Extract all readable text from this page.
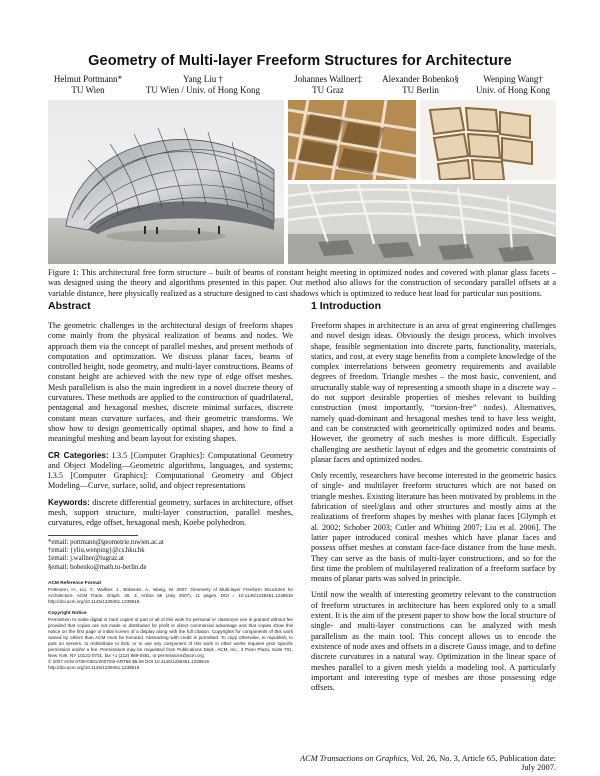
Geometry of Multi-layer Freeform Structures for Architecture
Helmut Pottmann*
TU Wien
Yang Liu †
TU Wien / Univ. of Hong Kong
Johannes Wallner‡
TU Graz
Alexander Bobenko§
TU Berlin
Wenping Wang†
Univ. of Hong Kong
Figure 1: This architectural free form structure – built of beams of constant height meeting in optimized nodes and covered with planar glass facets – was designed using the theory and algorithms presented in this paper. Our method also allows for the construction of secondary parallel offsets at a variable distance, here physically realized as a structure designed to cast shadows which is optimized to reduce heat load for particular sun positions.
Abstract

The geometric challenges in the architectural design of freeform shapes come mainly from the physical realization of beams and nodes. We approach them via the concept of parallel meshes, and present methods of computation and optimization. We discuss planar faces, beams of controlled height, node geometry, and multi-layer constructions. Beams of constant height are achieved with the new type of edge offset meshes. Mesh parallelism is also the main ingredient in a novel discrete theory of curvatures. These methods are applied to the construction of quadrilateral, pentagonal and hexagonal meshes, discrete minimal surfaces, discrete constant mean curvature surfaces, and their geometric transforms. We show how to design geometrically optimal shapes, and how to find a meaningful meshing and beam layout for existing shapes.

CR Categories: I.3.5 [Computer Graphics]: Computational Geometry and Object Modeling—Geometric algorithms, languages, and systems; I.3.5 [Computer Graphics]: Computational Geometry and Object Modeling—Curve, surface, solid, and object representations

Keywords: discrete differential geometry, surfaces in architecture, offset mesh, support structure, multi-layer construction, parallel meshes, curvatures, edge offset, hexagonal mesh, Koebe polyhedron.

*email: pottmann@geometrie.tuwien.ac.at
†email: {yliu,wenping}@cs.hku.hk
‡email: j.wallner@tugraz.at
§email: bobenko@math.tu-berlin.de
ACM Reference Format
Pottmann, H., Liu, Y., Wallner, J., Bobenko, A., Wang, W. 2007. Geometry of Multi-layer Freeform Structures for Architecture. ACM Trans. Graph. 26, 3, Article 65 (July 2007), 11 pages. DOI = 10.1145/1239451.1239516 http://doi.acm.org/10.1145/1239451.1239516.

Copyright Notice
Permission to make digital or hard copies of part or all of this work for personal or classroom use is granted without fee provided that copies are not made or distributed for profit or direct commercial advantage and that copies show this notice on the first page or initial screen of a display along with the full citation. Copyrights for components of this work owned by others than ACM must be honored. Abstracting with credit is permitted. To copy otherwise, to republish, to post on servers, to redistribute to lists, or to use any component of this work in other works requires prior specific permission and/or a fee. Permissions may be requested from Publications Dept., ACM, Inc., 2 Penn Plaza, Suite 701, New York, NY 10121-0701, fax +1 (212) 869-0481, or permissions@acm.org.
© 2007 ACM 0730-0301/2007/03-ART65 $5.00 DOI 10.1145/1239451.1239516
http://doi.acm.org/10.1145/1239451.1239516
1 Introduction

Freeform shapes in architecture is an area of great engineering challenges and novel design ideas. Obviously the design process, which involves shape, feasible segmentation into discrete parts, functionality, materials, statics, and cost, at every stage benefits from a complete knowledge of the complex interrelations between geometry requirements and available degrees of freedom. Triangle meshes – the most basic, convenient, and structurally stable way of representing a smooth shape in a discrete way – do not support desirable properties of meshes relevant to building construction (most importantly, “torsion-free” nodes). Alternatives, namely quad-dominant and hexagonal meshes tend to have less weight, and can be constructed with geometrically optimized nodes and beams. However, the geometry of such meshes is more difficult. Especially challenging are aesthetic layout of edges and the geometric constraints of planar faces and optimized nodes.

Only recently, researchers have become interested in the geometric basics of single- and multilayer freeform structures which are not based on triangle meshes. Existing literature has been motivated by problems in the fabrication of steel/glass and other structures and mostly aims at the realizations of freeform shapes by meshes with planar faces [Glymph et al. 2002; Schober 2003; Cutler and Whiting 2007; Liu et al. 2006]. The latter paper introduced conical meshes which have planar faces and possess offset meshes at constant face-face distance from the base mesh. They can serve as the basis of multi-layer constructions, and so for the first time the problem of multilayered realization of a freeform surface by means of planar parts was solved in principle.

Until now the wealth of interesting geometry relevant to the construction of freeform structures in architecture has been explored only to a small extent. It is the aim of the present paper to show how the local structure of single- and multi-layer constructions can be analyzed with mesh parallelism as the main tool. This concept allows us to encode the existence of node axes and offsets in a discrete Gauss image, and to define discrete curvatures in a natural way. Optimization in the linear space of meshes parallel to a given mesh yields a modeling tool. A particularly important and interesting type of meshes are those possessing edge offsets.

ACM Transactions on Graphics, Vol. 26, No. 3, Article 65, Publication date: July 2007.
